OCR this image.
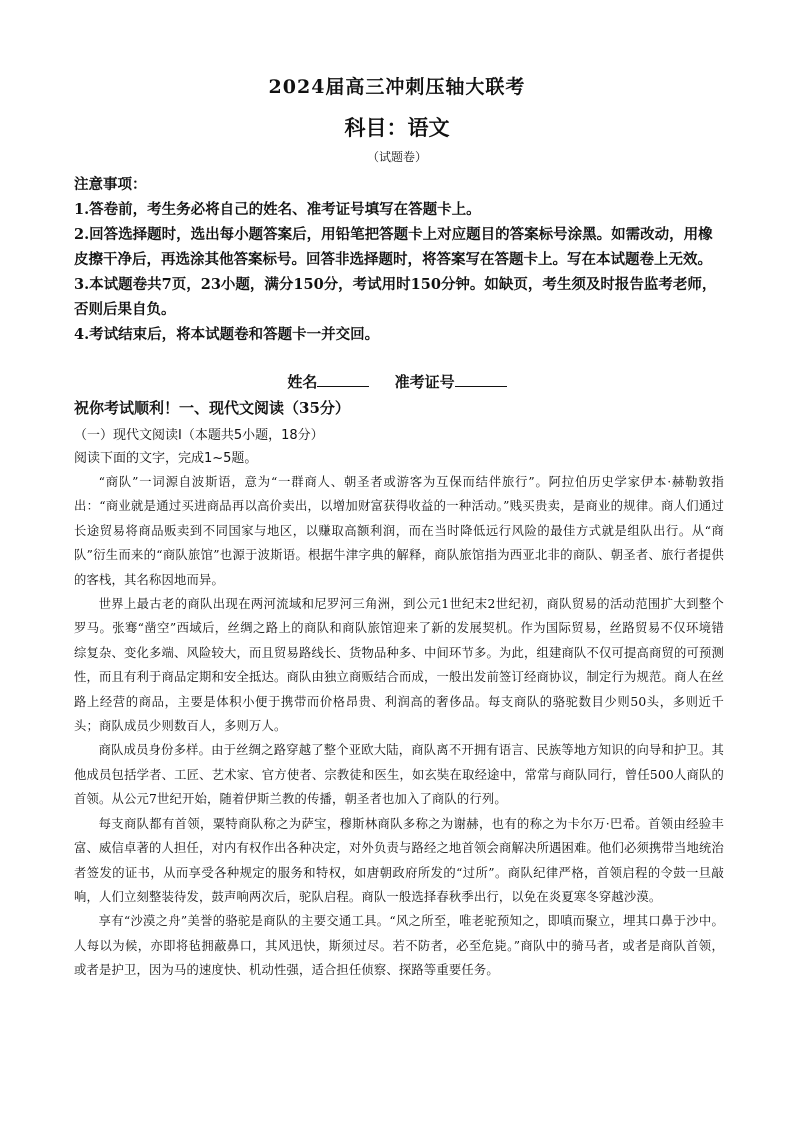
2024届高三冲刺压轴大联考
科目：语文
（试题卷）

注意事项：

1.答卷前，考生务必将自己的姓名、准考证号填写在答题卡上。

2.回答选择题时，选出每小题答案后，用铅笔把答题卡上对应题目的答案标号涂黑。如需改动，用橡皮擦干净后，再选涂其他答案标号。回答非选择题时，将答案写在答题卡上。写在本试题卷上无效。

3.本试题卷共7页，23小题，满分150分，考试用时150分钟。如缺页，考生须及时报告监考老师，否则后果自负。

4.考试结束后，将本试题卷和答题卡一并交回。

姓名	准考证号
祝你考试顺利！一、现代文阅读（35分）
（一）现代文阅读Ⅰ（本题共5小题，18分）
阅读下面的文字，完成1~5题。

“商队”一词源自波斯语，意为“一群商人、朝圣者或游客为互保而结伴旅行”。阿拉伯历史学家伊本·赫勒敦指出：“商业就是通过买进商品再以高价卖出，以增加财富获得收益的一种活动。”贱买贵卖，是商业的规律。商人们通过长途贸易将商品贩卖到不同国家与地区，以赚取高额利润，而在当时降低远行风险的最佳方式就是组队出行。从“商队”衍生而来的“商队旅馆”也源于波斯语。根据牛津字典的解释，商队旅馆指为西亚北非的商队、朝圣者、旅行者提供的客栈，其名称因地而异。

世界上最古老的商队出现在两河流域和尼罗河三角洲，到公元1世纪末2世纪初，商队贸易的活动范围扩大到整个罗马。张骞“凿空”西域后，丝绸之路上的商队和商队旅馆迎来了新的发展契机。作为国际贸易，丝路贸易不仅环境错综复杂、变化多端、风险较大，而且贸易路线长、货物品种多、中间环节多。为此，组建商队不仅可提高商贸的可预测性，而且有利于商品定期和安全抵达。商队由独立商贩结合而成，一般出发前签订经商协议，制定行为规范。商人在丝路上经营的商品，主要是体积小便于携带而价格昂贵、利润高的奢侈品。每支商队的骆驼数目少则50头，多则近千头；商队成员少则数百人，多则万人。

商队成员身份多样。由于丝绸之路穿越了整个亚欧大陆，商队离不开拥有语言、民族等地方知识的向导和护卫。其他成员包括学者、工匠、艺术家、官方使者、宗教徒和医生，如玄奘在取经途中，常常与商队同行，曾任500人商队的首领。从公元7世纪开始，随着伊斯兰教的传播，朝圣者也加入了商队的行列。

每支商队都有首领，粟特商队称之为萨宝，穆斯林商队多称之为谢赫，也有的称之为卡尔万·巴希。首领由经验丰富、威信卓著的人担任，对内有权作出各种决定，对外负责与路经之地首领会商解决所遇困难。他们必须携带当地统治者签发的证书，从而享受各种规定的服务和特权，如唐朝政府所发的“过所”。商队纪律严格，首领启程的令鼓一旦敲响，人们立刻整装待发，鼓声响两次后，驼队启程。商队一般选择春秋季出行，以免在炎夏寒冬穿越沙漠。

享有“沙漠之舟”美誉的骆驼是商队的主要交通工具。“风之所至，唯老驼预知之，即嗔而聚立，埋其口鼻于沙中。人每以为候，亦即将毡拥蔽鼻口，其风迅快，斯须过尽。若不防者，必至危毙。”商队中的骑马者，或者是商队首领，或者是护卫，因为马的速度快、机动性强，适合担任侦察、探路等重要任务。
